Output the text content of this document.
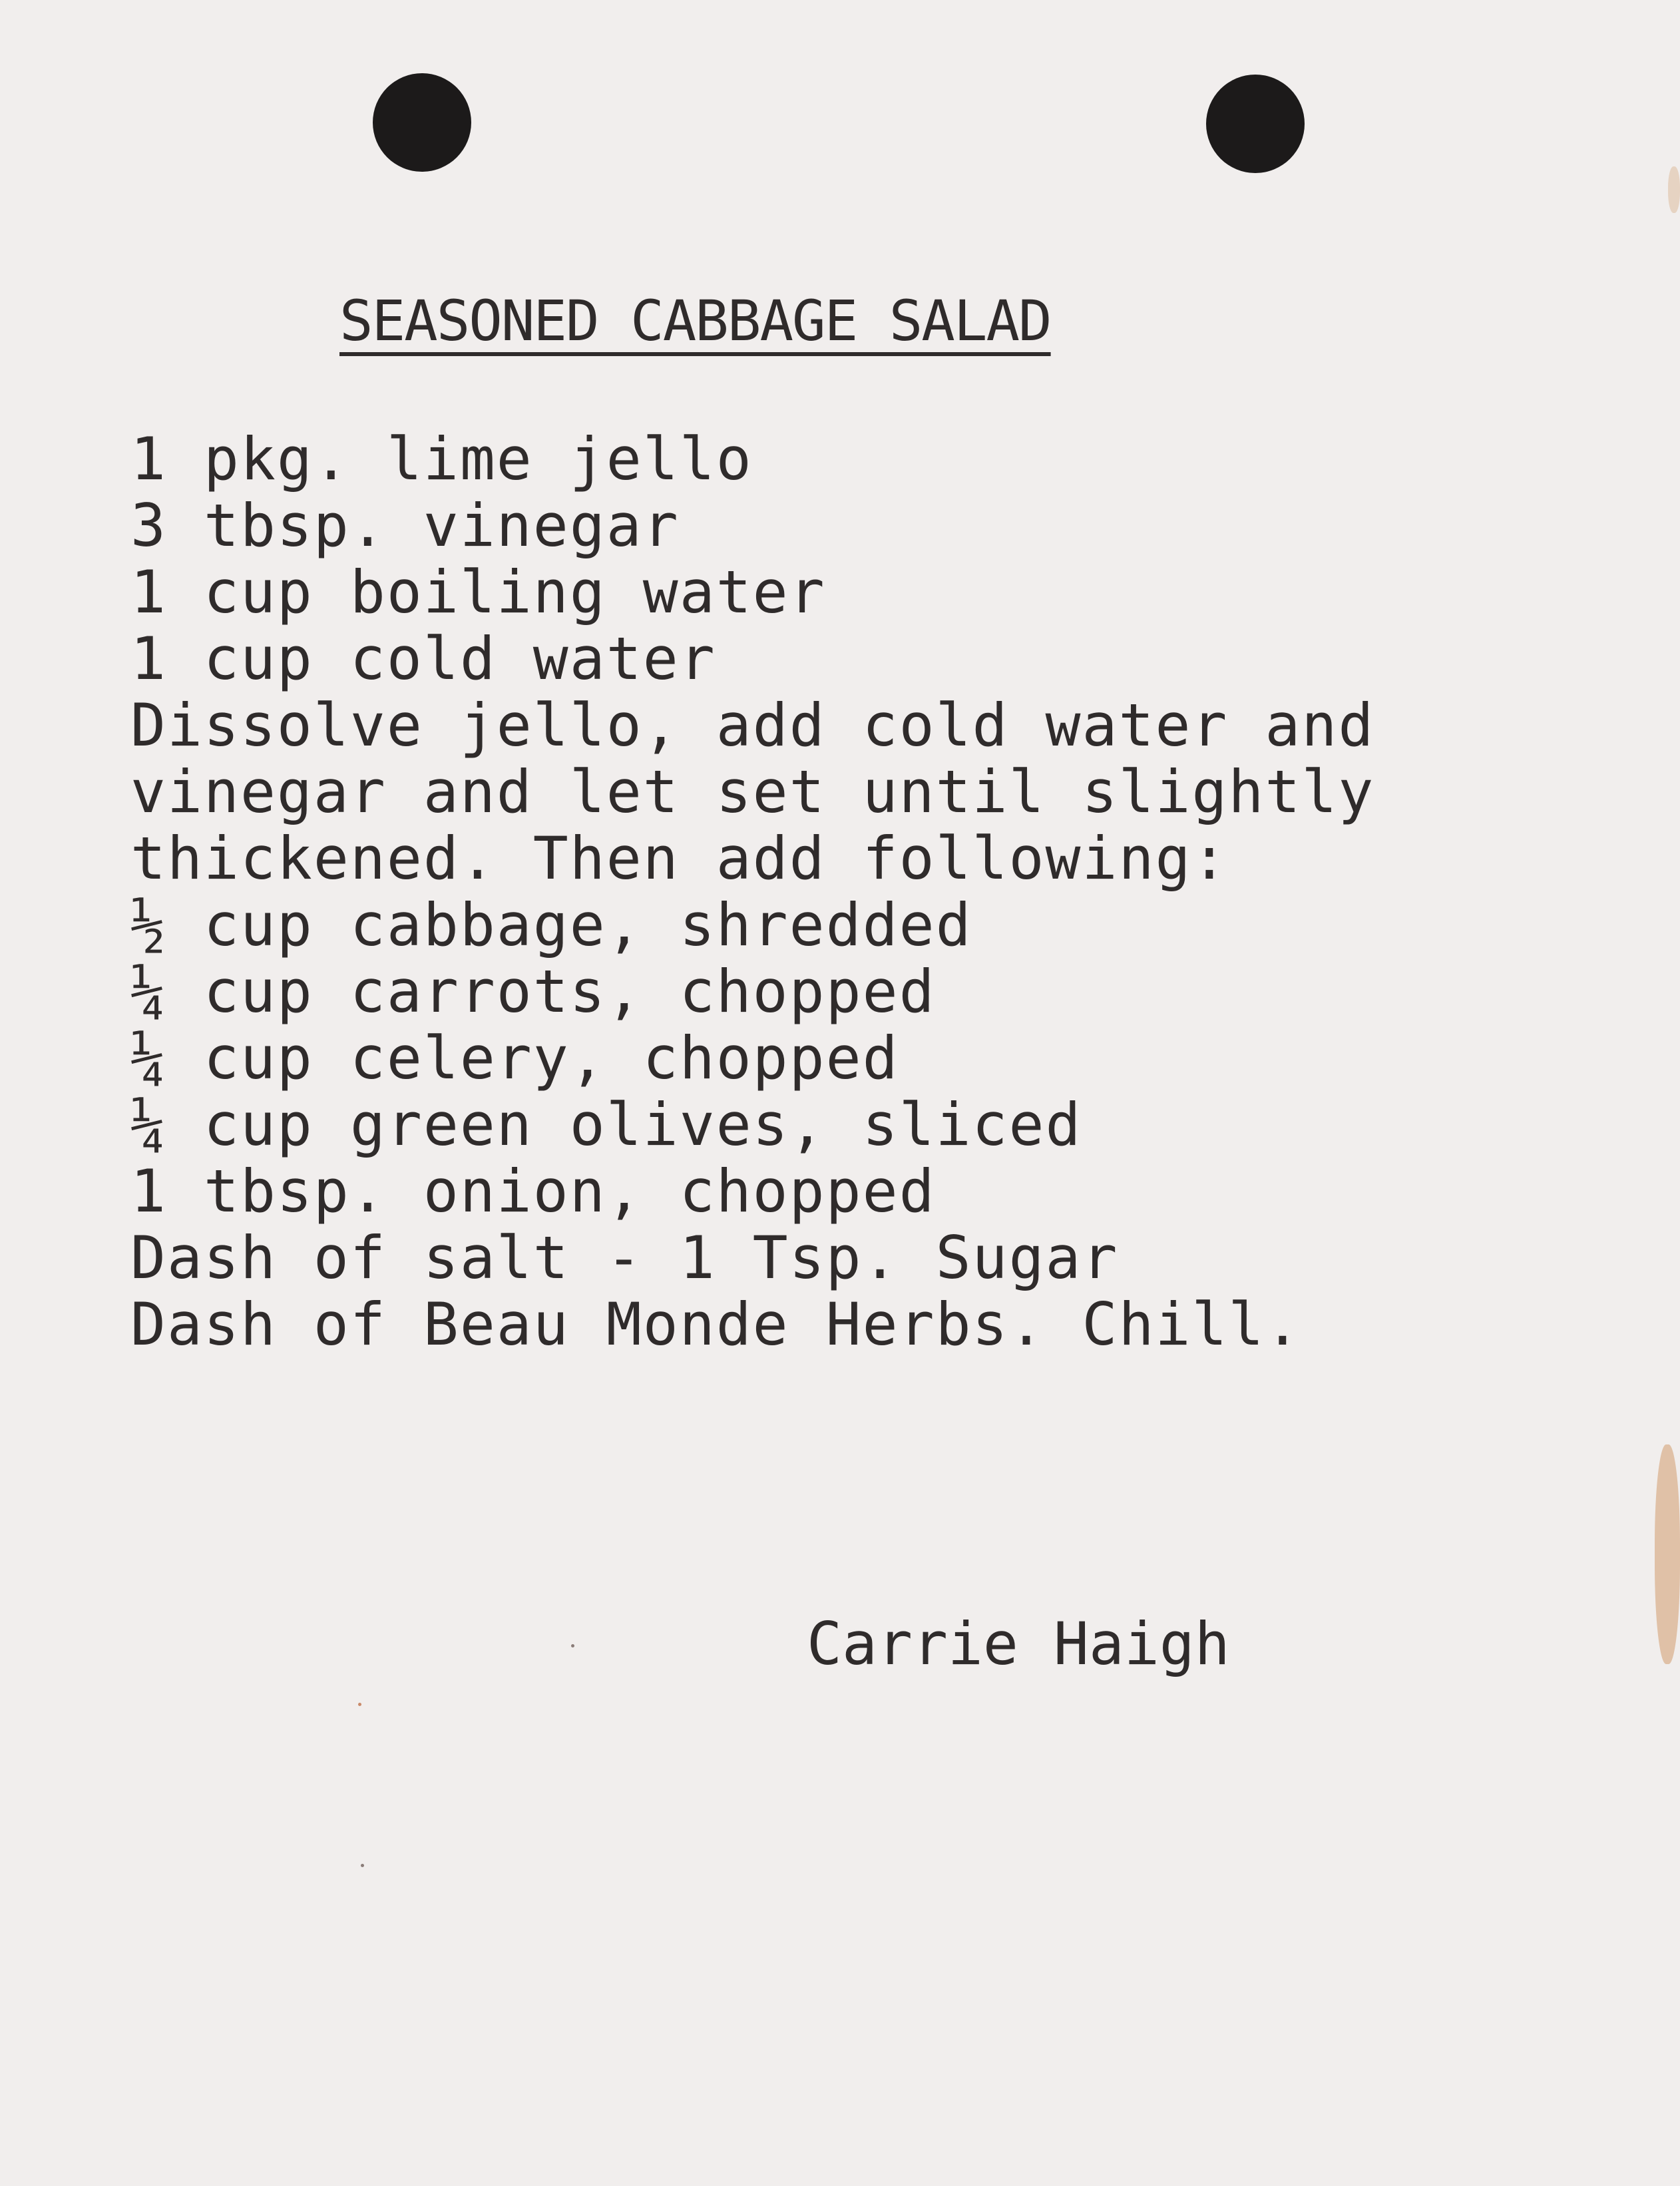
SEASONED CABBAGE SALAD
1 pkg. lime jello
3 tbsp. vinegar
1 cup boiling water
1 cup cold water
Dissolve jello, add cold water and
vinegar and let set until slightly
thickened. Then add following:
½ cup cabbage, shredded
¼ cup carrots, chopped
¼ cup celery, chopped
¼ cup green olives, sliced
1 tbsp. onion, chopped
Dash of salt - 1 Tsp. Sugar
Dash of Beau Monde Herbs. Chill.
Carrie Haigh
